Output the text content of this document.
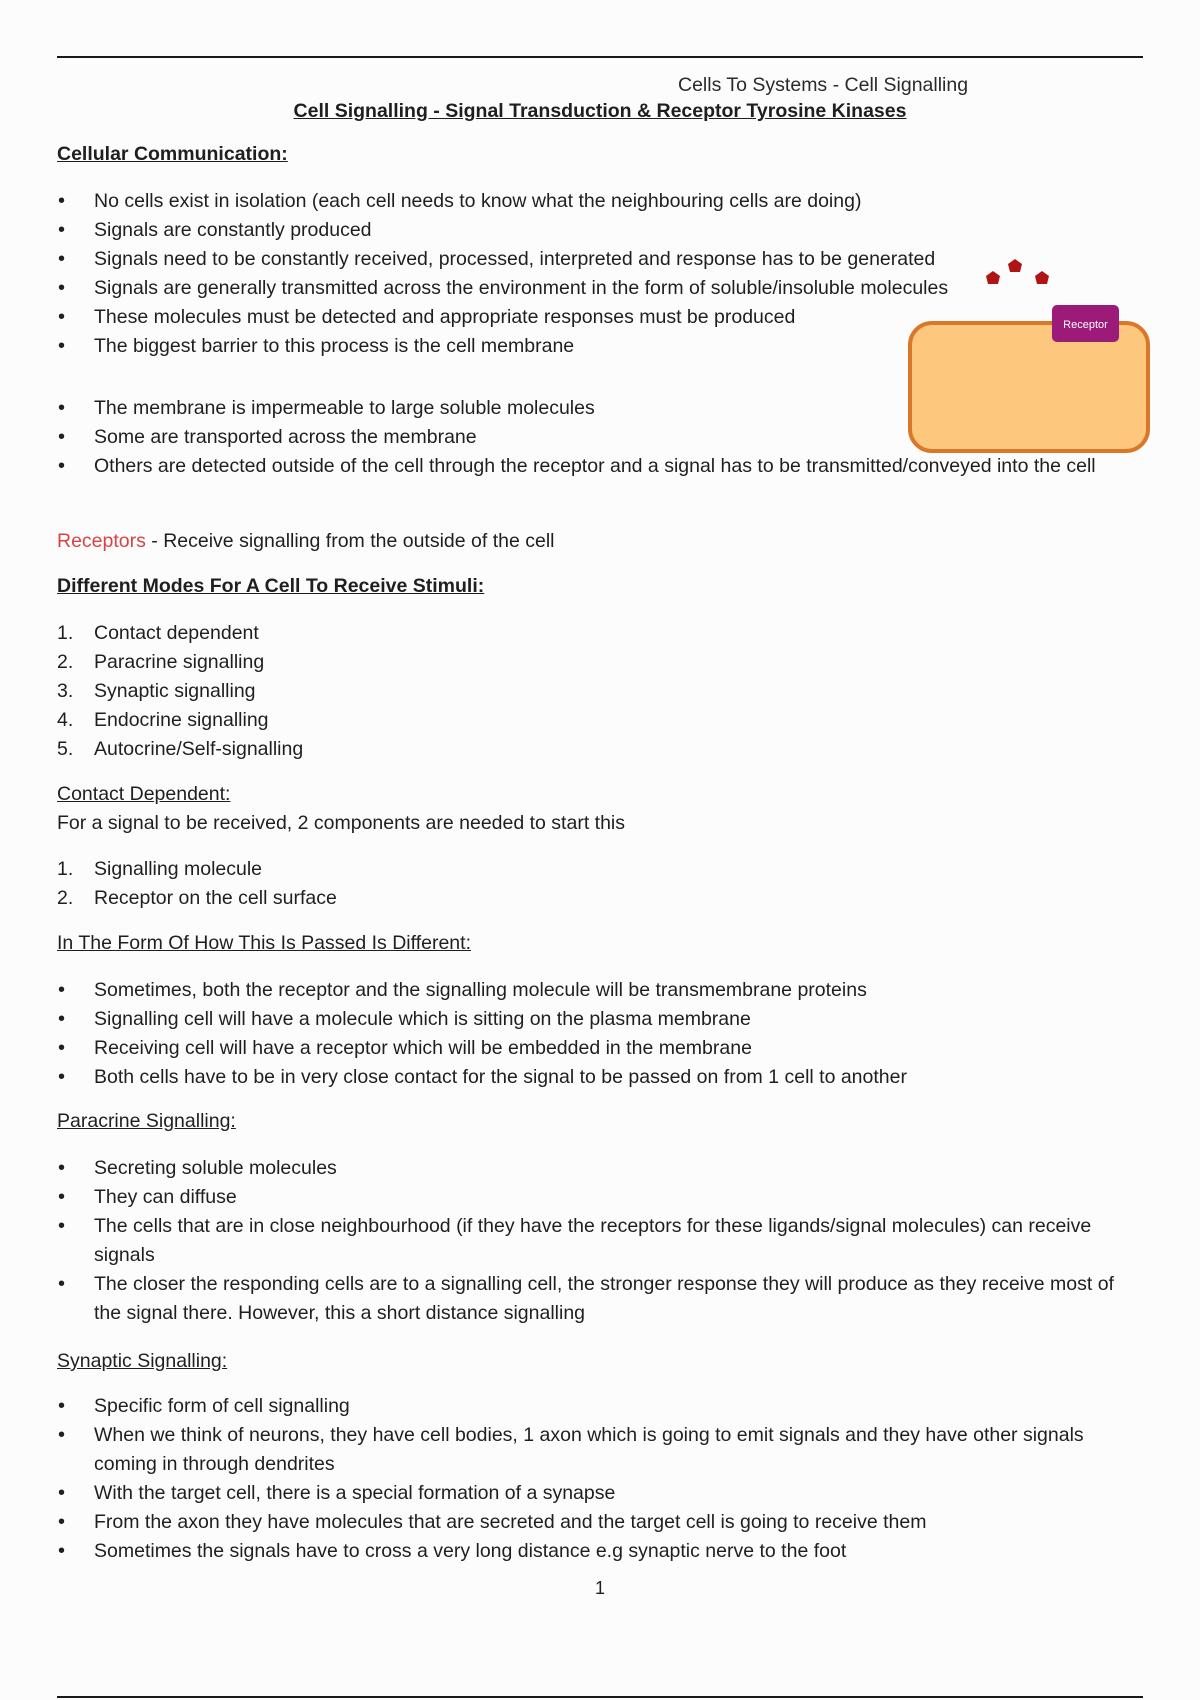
Cells To Systems - Cell Signalling
Cell Signalling - Signal Transduction & Receptor Tyrosine Kinases
Cellular Communication:
• No cells exist in isolation (each cell needs to know what the neighbouring cells are doing)
• Signals are constantly produced
• Signals need to be constantly received, processed, interpreted and response has to be generated
• Signals are generally transmitted across the environment in the form of soluble/insoluble molecules
• These molecules must be detected and appropriate responses must be produced
• The biggest barrier to this process is the cell membrane
• The membrane is impermeable to large soluble molecules
• Some are transported across the membrane
• Others are detected outside of the cell through the receptor and a signal has to be transmitted/conveyed into the cell
Receptor
Receptors - Receive signalling from the outside of the cell
Different Modes For A Cell To Receive Stimuli:
1. Contact dependent
2. Paracrine signalling
3. Synaptic signalling
4. Endocrine signalling
5. Autocrine/Self-signalling
Contact Dependent:
For a signal to be received, 2 components are needed to start this
1. Signalling molecule
2. Receptor on the cell surface
In The Form Of How This Is Passed Is Different:
• Sometimes, both the receptor and the signalling molecule will be transmembrane proteins
• Signalling cell will have a molecule which is sitting on the plasma membrane
• Receiving cell will have a receptor which will be embedded in the membrane
• Both cells have to be in very close contact for the signal to be passed on from 1 cell to another
Paracrine Signalling:
• Secreting soluble molecules
• They can diffuse
• The cells that are in close neighbourhood (if they have the receptors for these ligands/signal molecules) can receive signals
• The closer the responding cells are to a signalling cell, the stronger response they will produce as they receive most of the signal there. However, this a short distance signalling
Synaptic Signalling:
• Specific form of cell signalling
• When we think of neurons, they have cell bodies, 1 axon which is going to emit signals and they have other signals coming in through dendrites
• With the target cell, there is a special formation of a synapse
• From the axon they have molecules that are secreted and the target cell is going to receive them
• Sometimes the signals have to cross a very long distance e.g synaptic nerve to the foot
1
